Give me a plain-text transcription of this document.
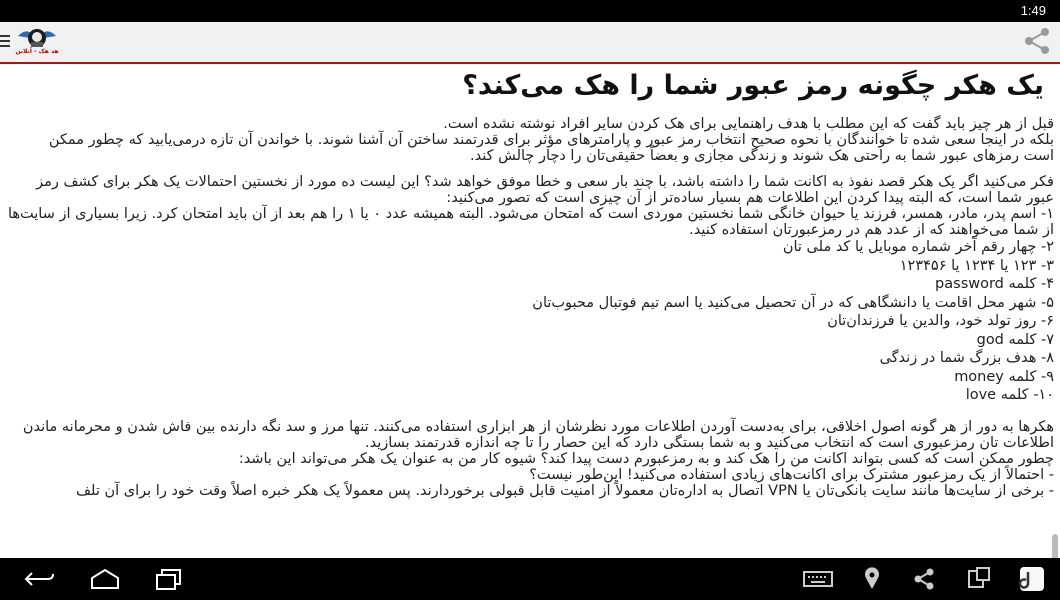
1:49
هد هک - آنلاین
یک هکر چگونه رمز عبور شما را هک می‌کند؟
قبل از هر چیز باید گفت که این مطلب با هدف راهنمایی برای هک کردن سایر افراد نوشته نشده است.
بلکه در اینجا سعی شده تا خوانندگان با نحوه صحیح انتخاب رمز عبور و پارامترهای مؤثر برای قدرتمند ساختن آن آشنا شوند. با خواندن آن تازه درمی‌یابید که چطور ممکن
است رمزهای عبور شما به راحتی هک شوند و زندگی مجازی و بعضاً حقیقی‌تان را دچار چالش کند.
فکر می‌کنید اگر یک هکر قصد نفوذ به اکانت شما را داشته باشد، با چند بار سعی و خطا موفق خواهد شد؟ این لیست ده مورد از نخستین احتمالات یک هکر برای کشف رمز
عبور شما است، که البته پیدا کردن این اطلاعات هم بسیار ساده‌تر از آن چیزی است که تصور می‌کنید:
۱- اسم پدر، مادر، همسر، فرزند یا حیوان خانگی شما نخستین موردی است که امتحان می‌شود. البته همیشه عدد ۰ یا ۱ را هم بعد از آن باید امتحان کرد. زیرا بسیاری از سایت‌ها
از شما می‌خواهند که از عدد هم در رمزعبورتان استفاده کنید.
۲- چهار رقم آخر شماره موبایل یا کد ملی تان
۳- ۱۲۳ یا ۱۲۳۴ یا ۱۲۳۴۵۶
۴- کلمه password
۵- شهر محل اقامت یا دانشگاهی که در آن تحصیل می‌کنید یا اسم تیم فوتبال محبوب‌تان
۶- روز تولد خود، والدین یا فرزندان‌تان
۷- کلمه god
۸- هدف بزرگ شما در زندگی
۹- کلمه money
۱۰- کلمه love
هکرها به دور از هر گونه اصول اخلاقی، برای به‌دست آوردن اطلاعات مورد نظرشان از هر ابزاری استفاده می‌کنند. تنها مرز و سد نگه دارنده بین فاش شدن و محرمانه ماندن
اطلاعات تان رمزعبوری است که انتخاب می‌کنید و به شما بستگی دارد که این حصار را تا چه اندازه قدرتمند بسازید.
چطور ممکن است که کسی بتواند اکانت من را هک کند و به رمزعبورم دست پیدا کند؟ شیوه کار من به عنوان یک هکر می‌تواند این باشد:
- احتمالاً از یک رمزعبور مشترک برای اکانت‌های زیادی استفاده می‌کنید! این‌طور نیست؟
- برخی از سایت‌ها مانند سایت بانکی‌تان یا VPN اتصال به اداره‌تان معمولاً از امنیت قابل قبولی برخوردارند. پس معمولاً یک هکر خبره اصلاً وقت خود را برای آن تلف
